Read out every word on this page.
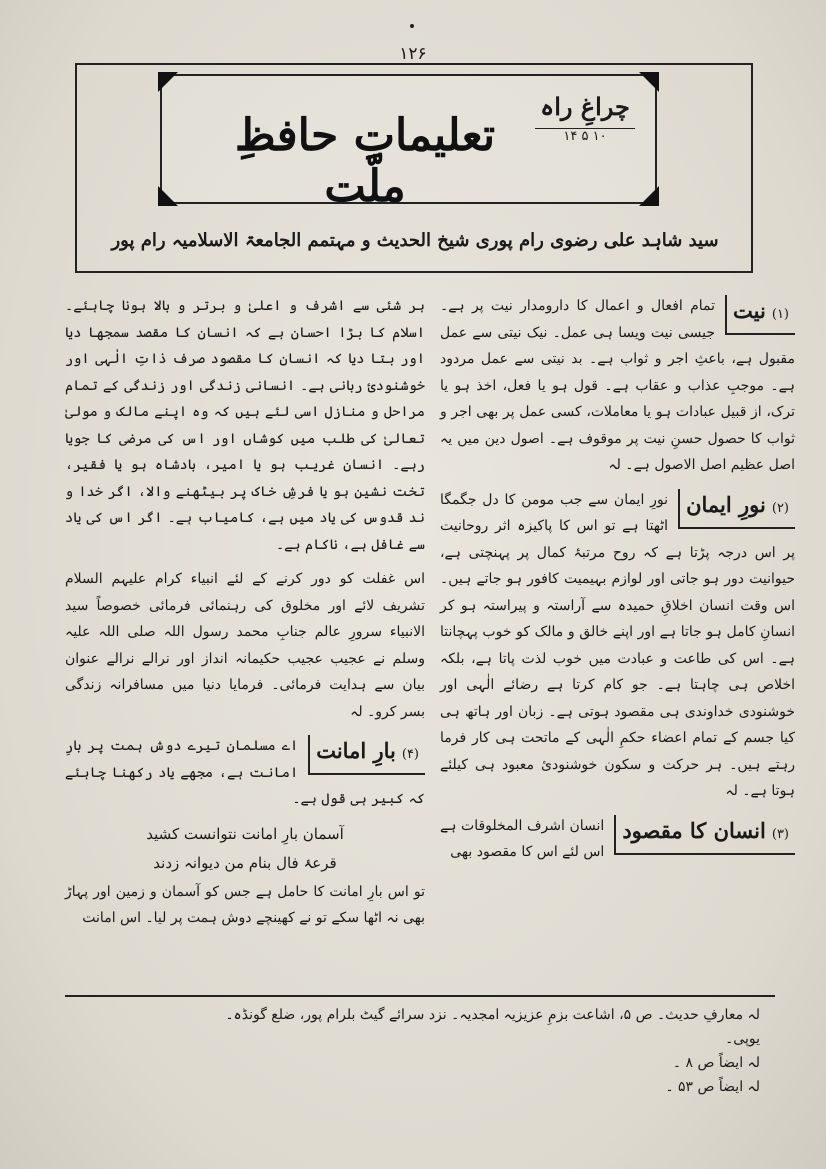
۱۲۶
تعلیماتِ حافظِ ملّت
چراغِ راہ
۱۰ ۵ ۱۴
سید شاہد علی رضوی رام پوری شیخ الحدیث و مہتمم الجامعۃ الاسلامیہ رام پور
(۱)نیت
تمام افعال و اعمال کا دارومدار نیت پر ہے۔ جیسی نیت ویسا ہی عمل۔ نیک نیتی سے عمل مقبول ہے، باعثِ اجر و ثواب ہے۔ بد نیتی سے عمل مردود ہے۔ موجبِ عذاب و عقاب ہے۔ قول ہو یا فعل، اخذ ہو یا ترک، از قبیل عبادات ہو یا معاملات، کسی عمل پر بھی اجر و ثواب کا حصول حسنِ نیت پر موقوف ہے۔ اصول دین میں یہ اصل عظیم اصل الاصول ہے۔ لہ
(۲)نورِ ایمان
نورِ ایمان سے جب مومن کا دل جگمگا اٹھتا ہے تو اس کا پاکیزہ اثر روحانیت پر اس درجہ پڑتا ہے کہ روح مرتبۂ کمال پر پہنچتی ہے، حیوانیت دور ہو جاتی اور لوازم بہیمیت کافور ہو جاتے ہیں۔ اس وقت انسان اخلاقِ حمیدہ سے آراستہ و پیراستہ ہو کر انسانِ کامل ہو جاتا ہے اور اپنے خالق و مالک کو خوب پہچانتا ہے۔ اس کی طاعت و عبادت میں خوب لذت پاتا ہے، بلکہ اخلاص ہی چاہتا ہے۔ جو کام کرتا ہے رضائے الٰہی اور خوشنودی خداوندی ہی مقصود ہوتی ہے۔ زبان اور ہاتھ ہی کیا جسم کے تمام اعضاء حکمِ الٰہی کے ماتحت ہی کار فرما رہتے ہیں۔ ہر حرکت و سکون خوشنودیٔ معبود ہی کیلئے ہوتا ہے۔ لہ
(۳)انسان کا مقصود
انسان اشرف المخلوقات ہے اس لئے اس کا مقصود بھی
ہر شئی سے اشرف و اعلیٰ و برتر و بالا ہونا چاہئے۔ اسلام کا بڑا احسان ہے کہ انسان کا مقصد سمجھا دیا اور بتا دیا کہ انسان کا مقصود صرف ذاتِ الٰہی اور خوشنودیٔ ربانی ہے۔ انسانی زندگی اور زندگی کے تمام مراحل و منازل اسی لئے ہیں کہ وہ اپنے مالک و مولیٰ تعالیٰ کی طلب میں کوشاں اور اس کی مرضی کا جویا رہے۔ انسان غریب ہو یا امیر، بادشاہ ہو یا فقیر، تخت نشین ہو یا فرشِ خاک پر بیٹھنے والا، اگر خدا و ند قدوس کی یاد میں ہے، کامیاب ہے۔ اگر اس کی یاد سے غافل ہے، ناکام ہے۔
اس غفلت کو دور کرنے کے لئے انبیاء کرام علیہم السلام تشریف لائے اور مخلوق کی رہنمائی فرمائی خصوصاً سید الانبیاء سرورِ عالم جنابِ محمد رسول اللہ صلی اللہ علیہ وسلم نے عجیب عجیب حکیمانہ انداز اور نرالے نرالے عنوان بیان سے ہدایت فرمائی۔ فرمایا دنیا میں مسافرانہ زندگی بسر کرو۔ لہ
(۴)بارِ امانت
اے مسلمان تیرے دوش ہمت پر بارِ امانت ہے، مجھے یاد رکھنا چاہئے کہ کبیر ہی قول ہے۔
آسمان بارِ امانت نتوانست کشید
قرعۂ فال بنام من دیوانہ زدند
تو اس بارِ امانت کا حامل ہے جس کو آسمان و زمین اور پہاڑ بھی نہ اٹھا سکے تو نے کھینچے دوش ہمت پر لیا۔ اس امانت
لہ معارفِ حدیث۔ ص ۵، اشاعت بزمِ عزیزیہ امجدیہ۔ نزد سرائے گیٹ بلرام پور، ضلع گونڈہ۔ یوپی۔
لہ ایضاً ص ۸ ۔
لہ ایضاً ص ۵۳ ۔
